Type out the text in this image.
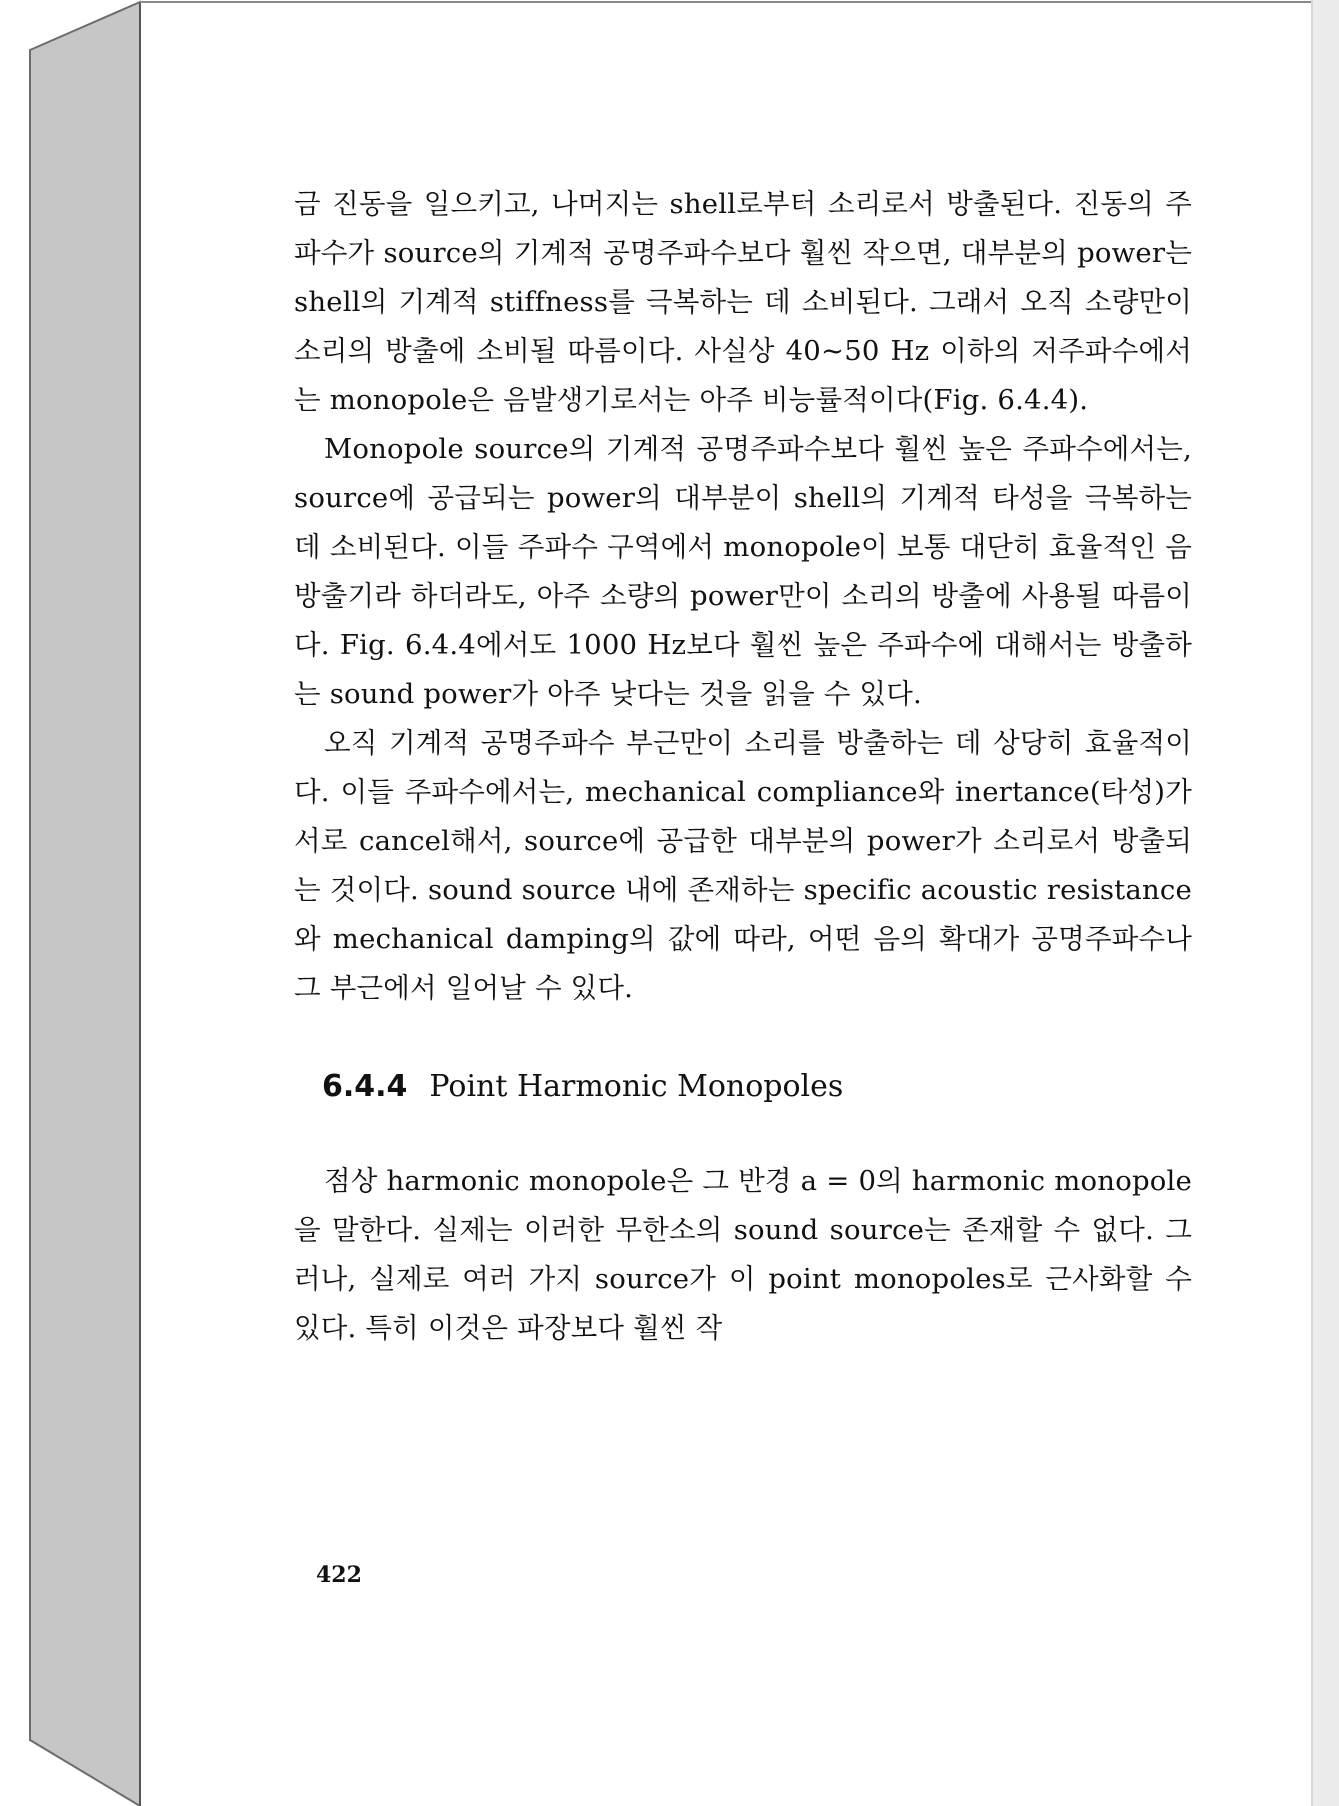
금 진동을 일으키고, 나머지는 shell로부터 소리로서 방출된다. 진동의 주파수가 source의 기계적 공명주파수보다 훨씬 작으면, 대부분의 power는 shell의 기계적 stiffness를 극복하는 데 소비된다. 그래서 오직 소량만이 소리의 방출에 소비될 따름이다. 사실상 40~50 Hz 이하의 저주파수에서는 monopole은 음발생기로서는 아주 비능률적이다(Fig. 6.4.4).

Monopole source의 기계적 공명주파수보다 훨씬 높은 주파수에서는, source에 공급되는 power의 대부분이 shell의 기계적 타성을 극복하는 데 소비된다. 이들 주파수 구역에서 monopole이 보통 대단히 효율적인 음방출기라 하더라도, 아주 소량의 power만이 소리의 방출에 사용될 따름이다. Fig. 6.4.4에서도 1000 Hz보다 훨씬 높은 주파수에 대해서는 방출하는 sound power가 아주 낮다는 것을 읽을 수 있다.

오직 기계적 공명주파수 부근만이 소리를 방출하는 데 상당히 효율적이다. 이들 주파수에서는, mechanical compliance와 inertance(타성)가 서로 cancel해서, source에 공급한 대부분의 power가 소리로서 방출되는 것이다. sound source 내에 존재하는 specific acoustic resistance와 mechanical damping의 값에 따라, 어떤 음의 확대가 공명주파수나 그 부근에서 일어날 수 있다.

6.4.4 Point Harmonic Monopoles

점상 harmonic monopole은 그 반경 a = 0의 harmonic monopole을 말한다. 실제는 이러한 무한소의 sound source는 존재할 수 없다. 그러나, 실제로 여러 가지 source가 이 point monopoles로 근사화할 수 있다. 특히 이것은 파장보다 훨씬 작

422
